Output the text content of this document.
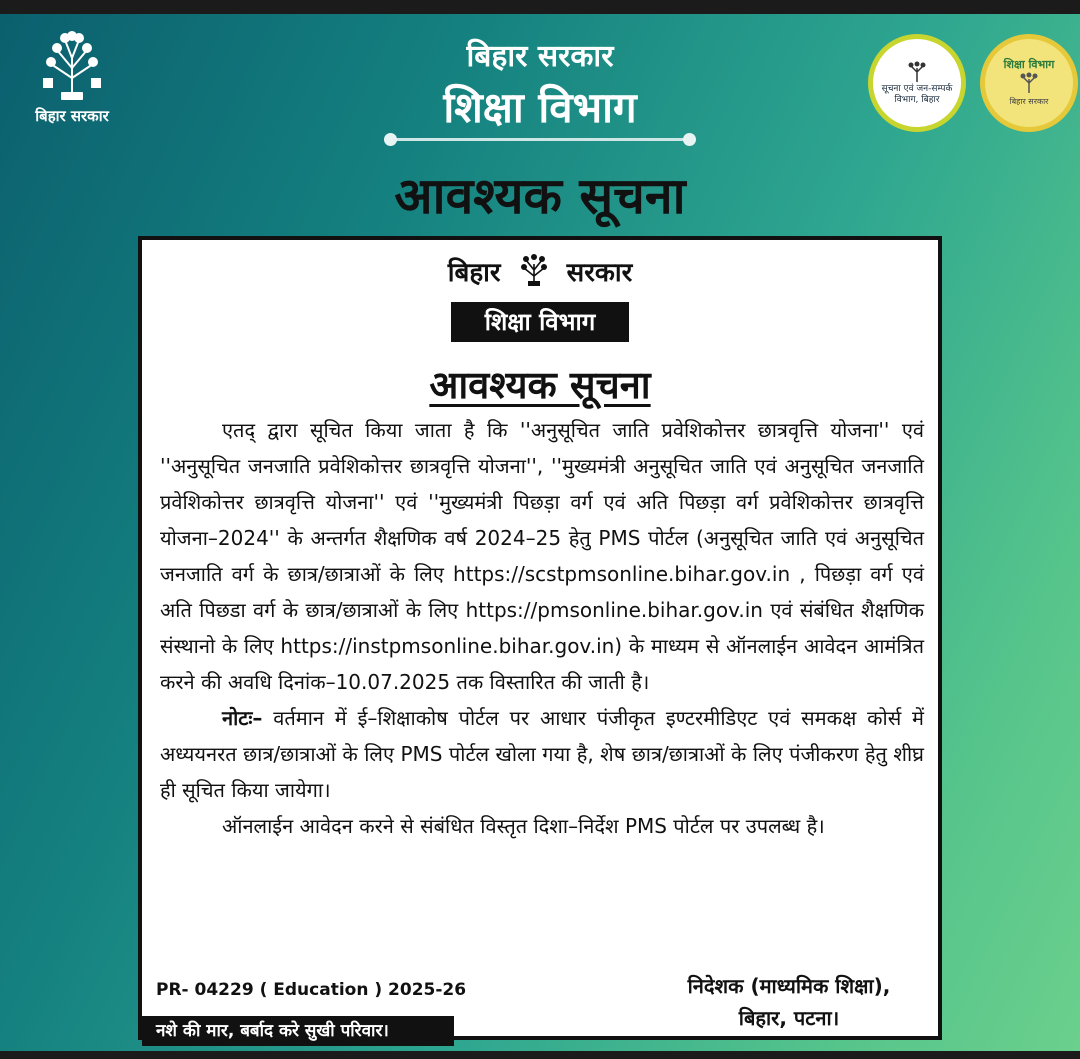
बिहार सरकार
बिहार सरकार
शिक्षा विभाग
आवश्यक सूचना
सूचना एवं जन-सम्पर्क विभाग, बिहार
शिक्षा विभाग
बिहार सरकार
बिहार	सरकार
शिक्षा विभाग
आवश्यक सूचना

एतद् द्वारा सूचित किया जाता है कि ''अनुसूचित जाति प्रवेशिकोत्तर छात्रवृत्ति योजना'' एवं ''अनुसूचित जनजाति प्रवेशिकोत्तर छात्रवृत्ति योजना'', ''मुख्यमंत्री अनुसूचित जाति एवं अनुसूचित जनजाति प्रवेशिकोत्तर छात्रवृत्ति योजना'' एवं ''मुख्यमंत्री पिछड़ा वर्ग एवं अति पिछड़ा वर्ग प्रवेशिकोत्तर छात्रवृत्ति योजना–2024'' के अन्तर्गत शैक्षणिक वर्ष 2024–25 हेतु PMS पोर्टल (अनुसूचित जाति एवं अनुसूचित जनजाति वर्ग के छात्र/छात्राओं के लिए https://scstpmsonline.bihar.gov.in , पिछड़ा वर्ग एवं अति पिछडा वर्ग के छात्र/छात्राओं के लिए https://pmsonline.bihar.gov.in एवं संबंधित शैक्षणिक संस्थानो के लिए https://instpmsonline.bihar.gov.in) के माध्यम से ऑनलाईन आवेदन आमंत्रित करने की अवधि दिनांक–10.07.2025 तक विस्तारित की जाती है।

नोटः– वर्तमान में ई–शिक्षाकोष पोर्टल पर आधार पंजीकृत इण्टरमीडिएट एवं समकक्ष कोर्स में अध्ययनरत छात्र/छात्राओं के लिए PMS पोर्टल खोला गया है, शेष छात्र/छात्राओं के लिए पंजीकरण हेतु शीघ्र ही सूचित किया जायेगा।

ऑनलाईन आवेदन करने से संबंधित विस्तृत दिशा–निर्देश PMS पोर्टल पर उपलब्ध है।

PR- 04229 ( Education ) 2025-26
नशे की मार, बर्बाद करे सुखी परिवार।
निदेशक (माध्यमिक शिक्षा),
बिहार, पटना।
